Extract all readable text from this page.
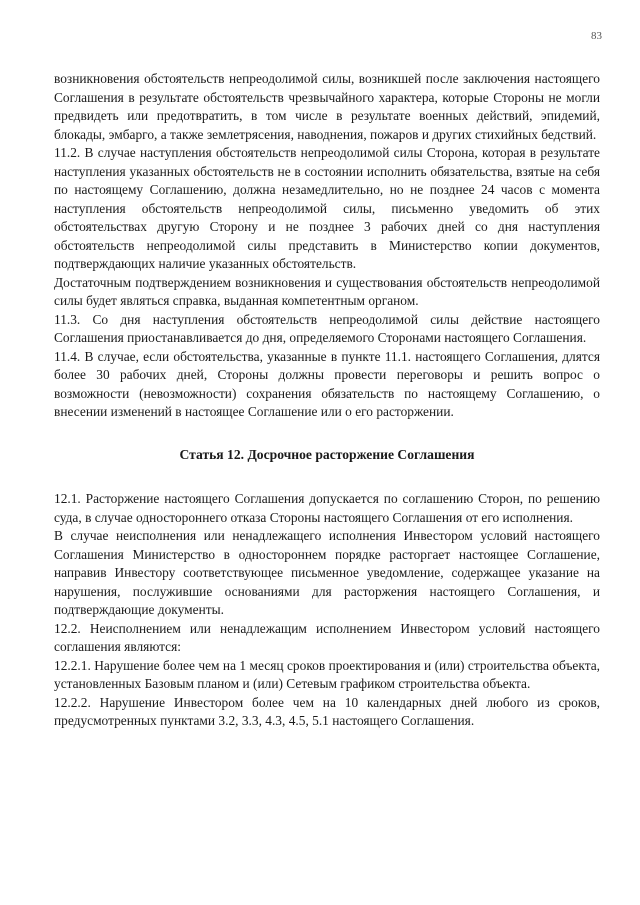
83

возникновения обстоятельств непреодолимой силы, возникшей после заключения настоящего Соглашения в результате обстоятельств чрезвычайного характера, которые Стороны не могли предвидеть или предотвратить, в том числе в результате военных действий, эпидемий, блокады, эмбарго, а также землетрясения, наводнения, пожаров и других стихийных бедствий.

11.2. В случае наступления обстоятельств непреодолимой силы Сторона, которая в результате наступления указанных обстоятельств не в состоянии исполнить обязательства, взятые на себя по настоящему Соглашению, должна незамедлительно, но не позднее 24 часов с момента наступления обстоятельств непреодолимой силы, письменно уведомить об этих обстоятельствах другую Сторону и не позднее 3 рабочих дней со дня наступления обстоятельств непреодолимой силы представить в Министерство копии документов, подтверждающих наличие указанных обстоятельств.

Достаточным подтверждением возникновения и существования обстоятельств непреодолимой силы будет являться справка, выданная компетентным органом.

11.3. Со дня наступления обстоятельств непреодолимой силы действие настоящего Соглашения приостанавливается до дня, определяемого Сторонами настоящего Соглашения.

11.4. В случае, если обстоятельства, указанные в пункте 11.1. настоящего Соглашения, длятся более 30 рабочих дней, Стороны должны провести переговоры и решить вопрос о возможности (невозможности) сохранения обязательств по настоящему Соглашению, о внесении изменений в настоящее Соглашение или о его расторжении.

Статья 12. Досрочное расторжение Соглашения

12.1. Расторжение настоящего Соглашения допускается по соглашению Сторон, по решению суда, в случае одностороннего отказа Стороны настоящего Соглашения от его исполнения.

В случае неисполнения или ненадлежащего исполнения Инвестором условий настоящего Соглашения Министерство в одностороннем порядке расторгает настоящее Соглашение, направив Инвестору соответствующее письменное уведомление, содержащее указание на нарушения, послужившие основаниями для расторжения настоящего Соглашения, и подтверждающие документы.

12.2. Неисполнением или ненадлежащим исполнением Инвестором условий настоящего соглашения являются:

12.2.1. Нарушение более чем на 1 месяц сроков проектирования и (или) строительства объекта, установленных Базовым планом и (или) Сетевым графиком строительства объекта.

12.2.2. Нарушение Инвестором более чем на 10 календарных дней любого из сроков, предусмотренных пунктами 3.2, 3.3, 4.3, 4.5, 5.1 настоящего Соглашения.
